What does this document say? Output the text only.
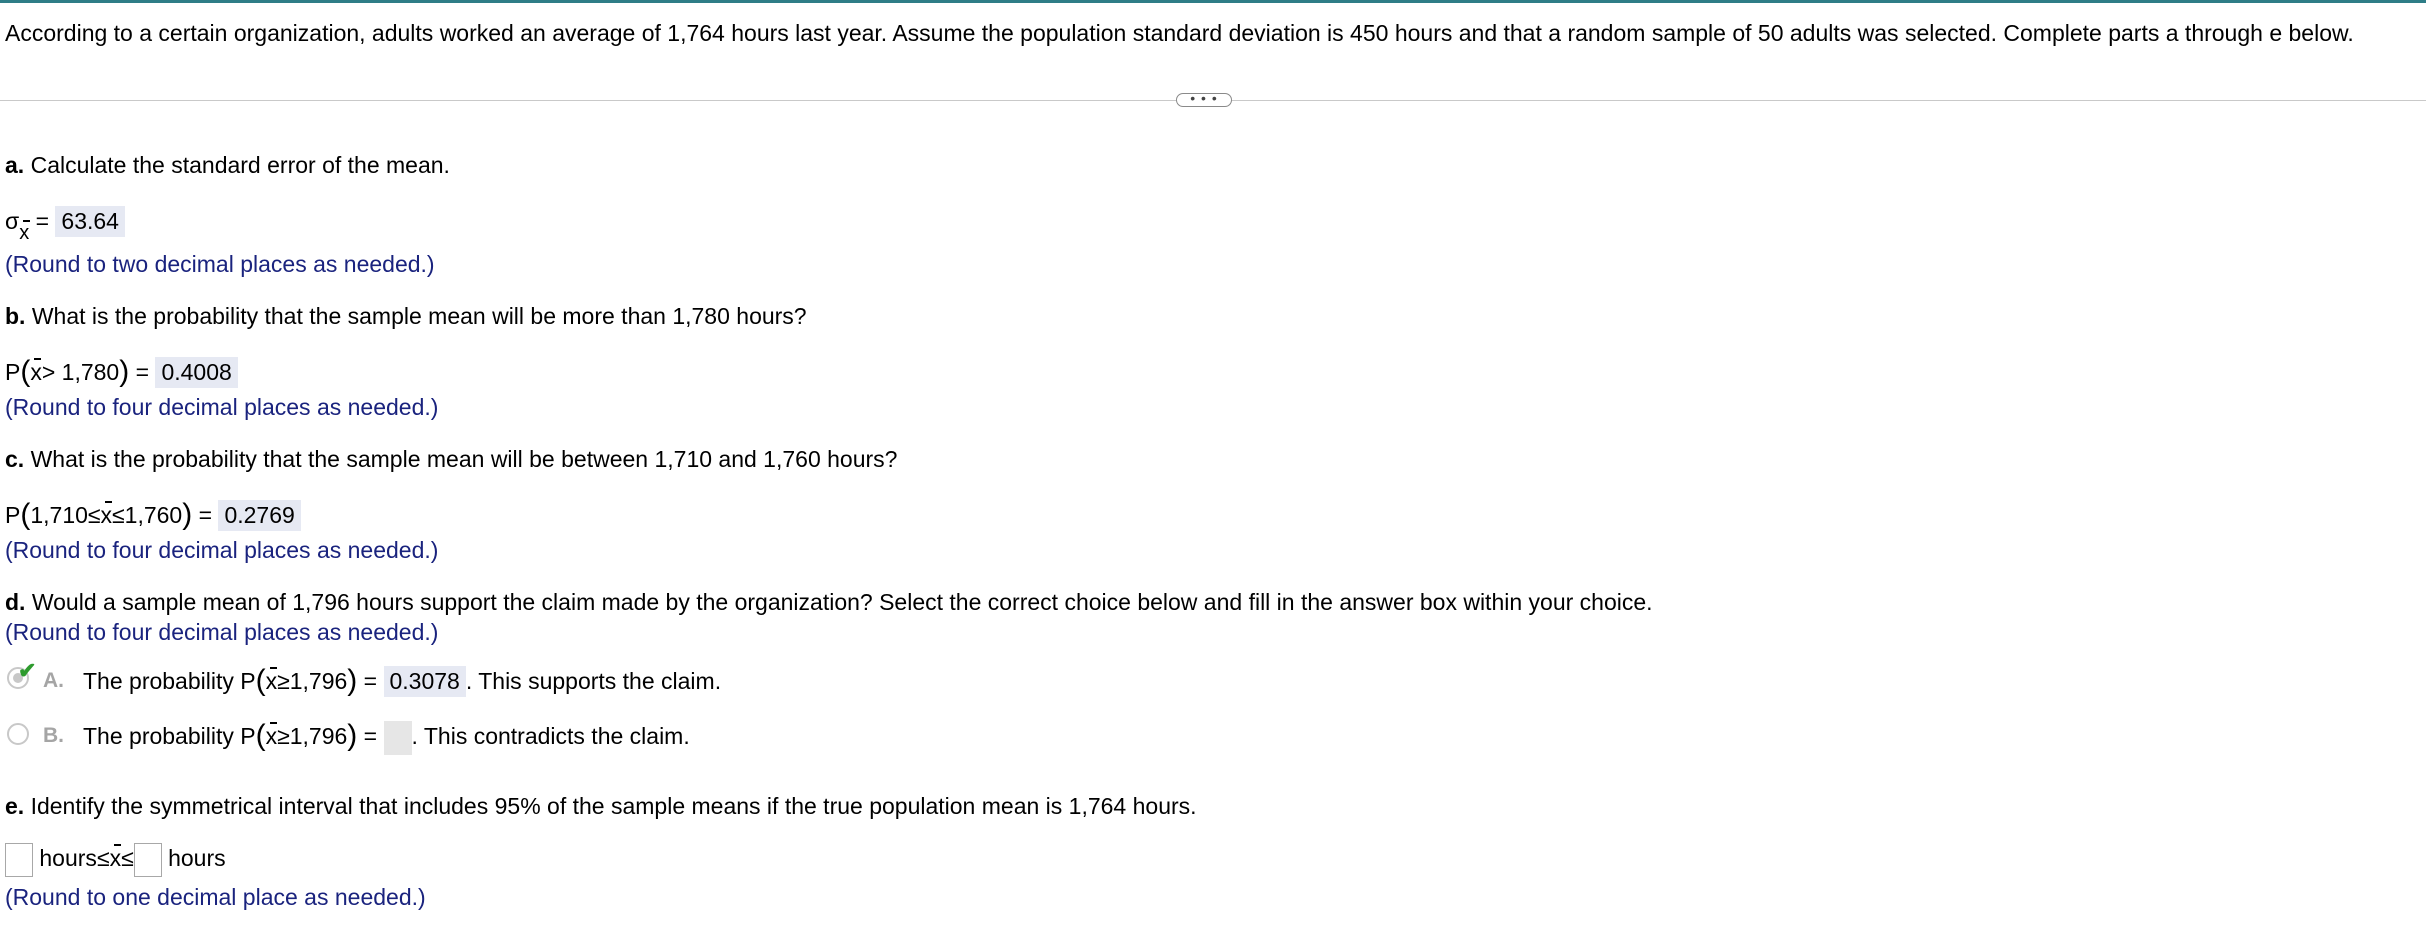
According to a certain organization, adults worked an average of 1,764 hours last year. Assume the population standard deviation is 450 hours and that a random sample of 50 adults was selected. Complete parts a through e below.
• • •
a. Calculate the standard error of the mean.
σx = 63.64
(Round to two decimal places as needed.)
b. What is the probability that the sample mean will be more than 1,780 hours?
P(x> 1,780) = 0.4008
(Round to four decimal places as needed.)
c. What is the probability that the sample mean will be between 1,710 and 1,760 hours?
P(1,710≤x≤1,760) = 0.2769
(Round to four decimal places as needed.)
d. Would a sample mean of 1,796 hours support the claim made by the organization? Select the correct choice below and fill in the answer box within your choice.
(Round to four decimal places as needed.)
✔ A. The probability P(x≥1,796) = 0.3078 . This supports the claim.
B. The probability P(x≥1,796) = . This contradicts the claim.
e. Identify the symmetrical interval that includes 95% of the sample means if the true population mean is 1,764 hours.
hours≤x≤ hours
(Round to one decimal place as needed.)
